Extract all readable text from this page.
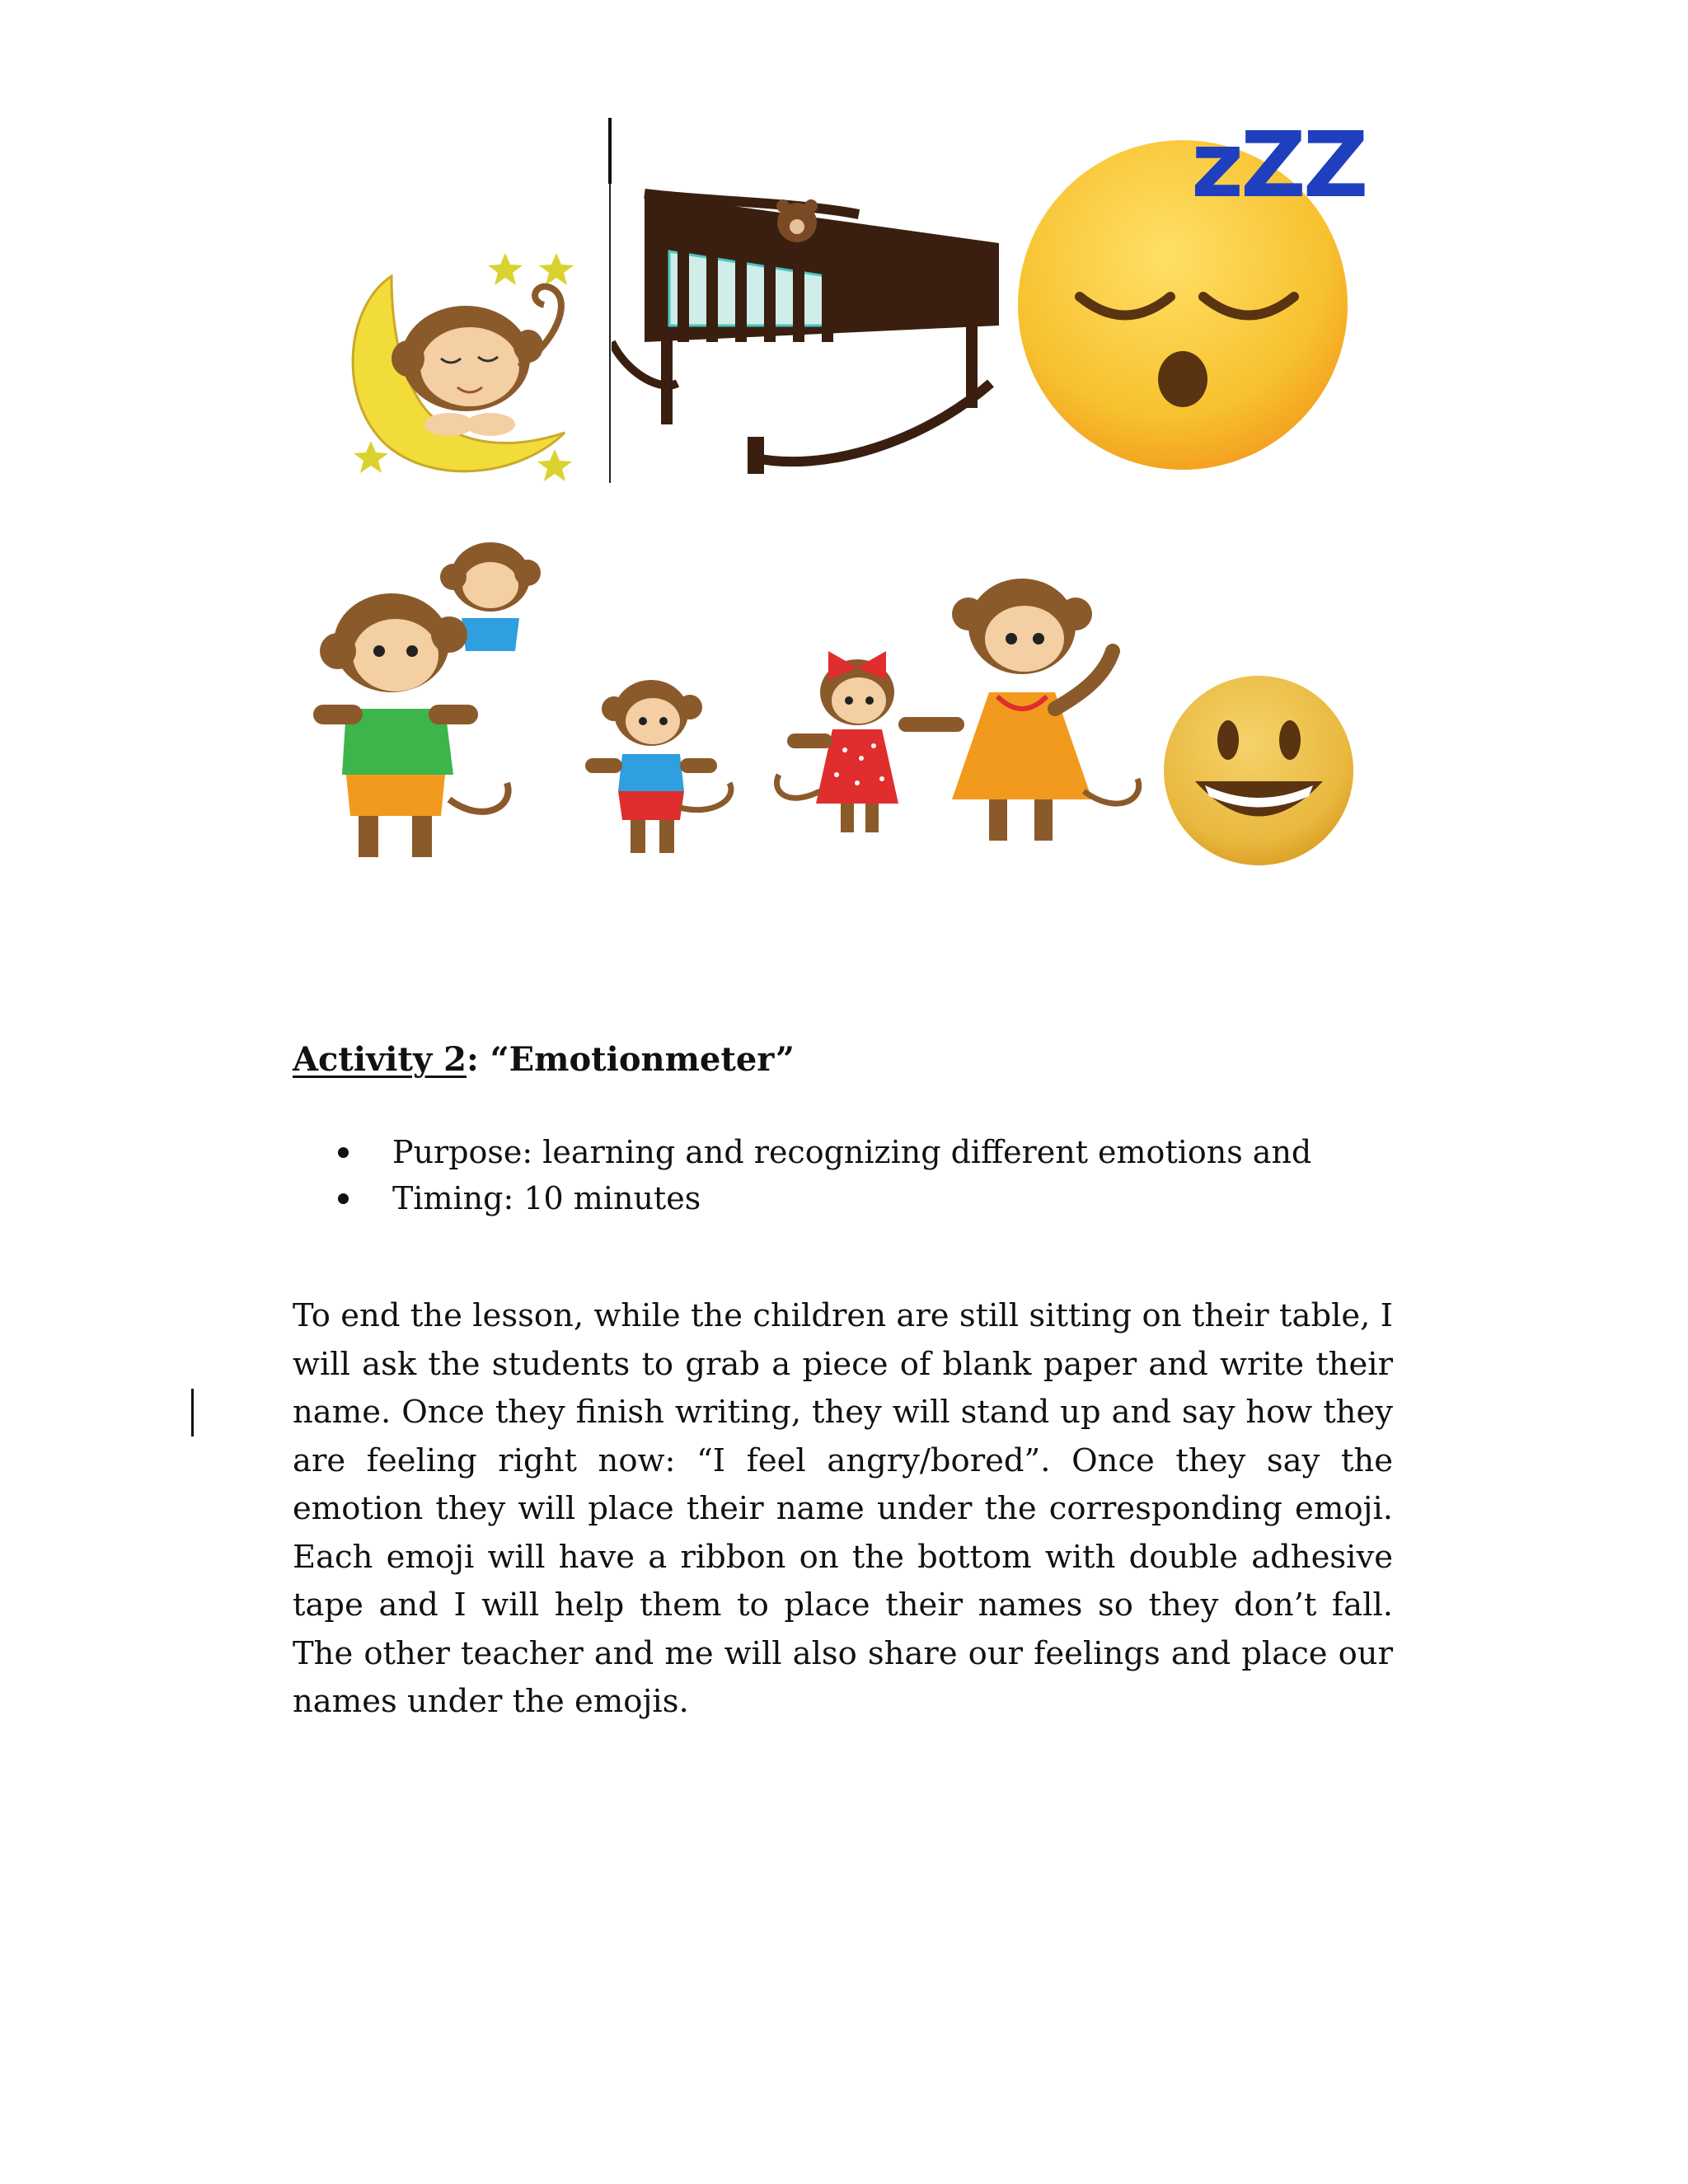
zZZ
Activity 2: “Emotionmeter”
Purpose: learning and recognizing different emotions and
Timing: 10 minutes
To end the lesson, while the children are still sitting on their table, I will ask the students to grab a piece of blank paper and write their name. Once they finish writing, they will stand up and say how they are feeling right now: “I feel angry/bored”. Once they say the emotion they will place their name under the corresponding emoji. Each emoji will have a ribbon on the bottom with double adhesive tape and I will help them to place their names so they don’t fall. The other teacher and me will also share our feelings and place our names under the emojis.
